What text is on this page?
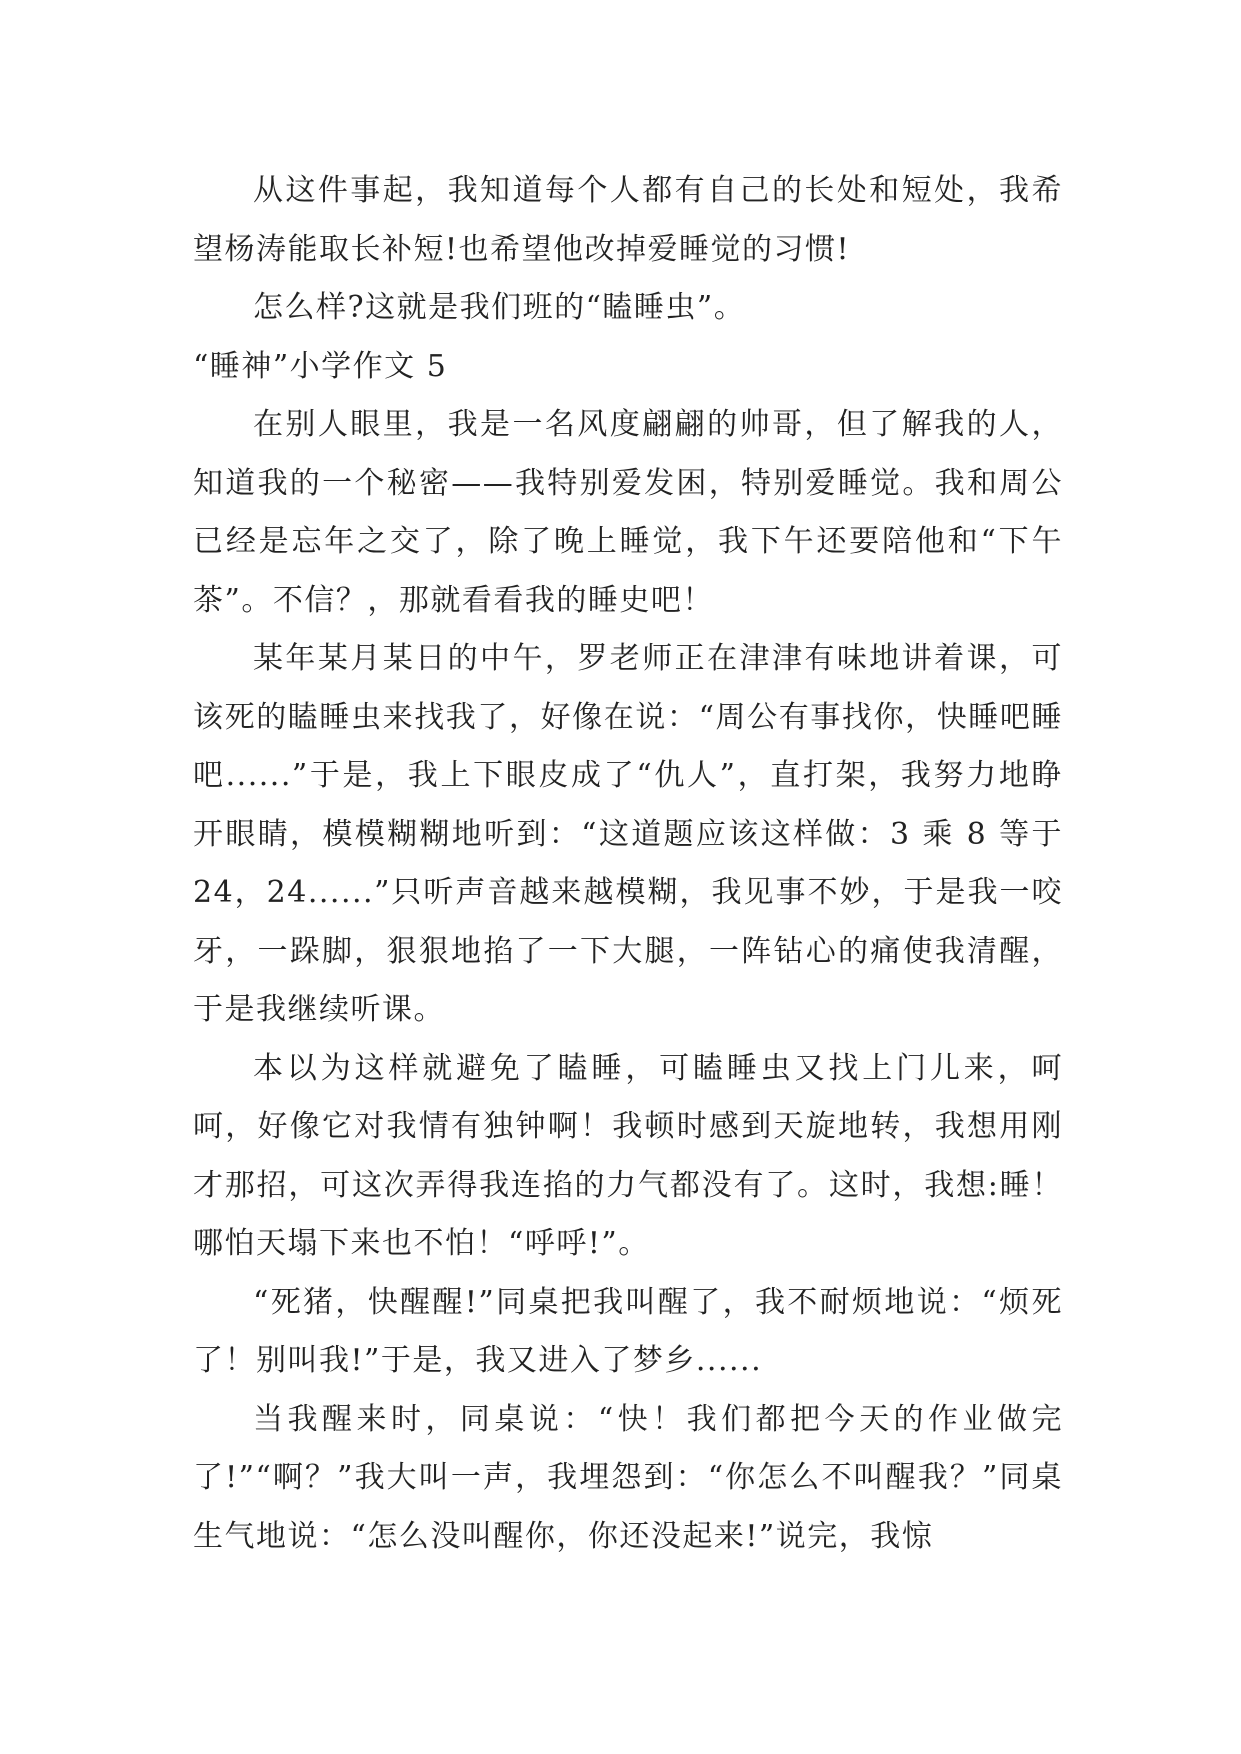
从这件事起，我知道每个人都有自己的长处和短处，我希望杨涛能取长补短!也希望他改掉爱睡觉的习惯!

怎么样?这就是我们班的“瞌睡虫”。

“睡神”小学作文 5

在别人眼里，我是一名风度翩翩的帅哥，但了解我的人，知道我的一个秘密——我特别爱发困，特别爱睡觉。我和周公已经是忘年之交了，除了晚上睡觉，我下午还要陪他和“下午茶”。不信？，那就看看我的睡史吧！

某年某月某日的中午，罗老师正在津津有味地讲着课，可该死的瞌睡虫来找我了，好像在说：“周公有事找你，快睡吧睡吧......”于是，我上下眼皮成了“仇人”，直打架，我努力地睁开眼睛，模模糊糊地听到：“这道题应该这样做：3 乘 8 等于 24，24......”只听声音越来越模糊，我见事不妙，于是我一咬牙，一跺脚，狠狠地掐了一下大腿，一阵钻心的痛使我清醒，于是我继续听课。

本以为这样就避免了瞌睡，可瞌睡虫又找上门儿来，呵呵，好像它对我情有独钟啊！我顿时感到天旋地转，我想用刚才那招，可这次弄得我连掐的力气都没有了。这时，我想:睡！哪怕天塌下来也不怕！“呼呼!”。

“死猪，快醒醒!”同桌把我叫醒了，我不耐烦地说：“烦死了！别叫我!”于是，我又进入了梦乡......

当我醒来时，同桌说：“快！我们都把今天的作业做完了!”“啊？”我大叫一声，我埋怨到：“你怎么不叫醒我？”同桌生气地说：“怎么没叫醒你，你还没起来!”说完，我惊
